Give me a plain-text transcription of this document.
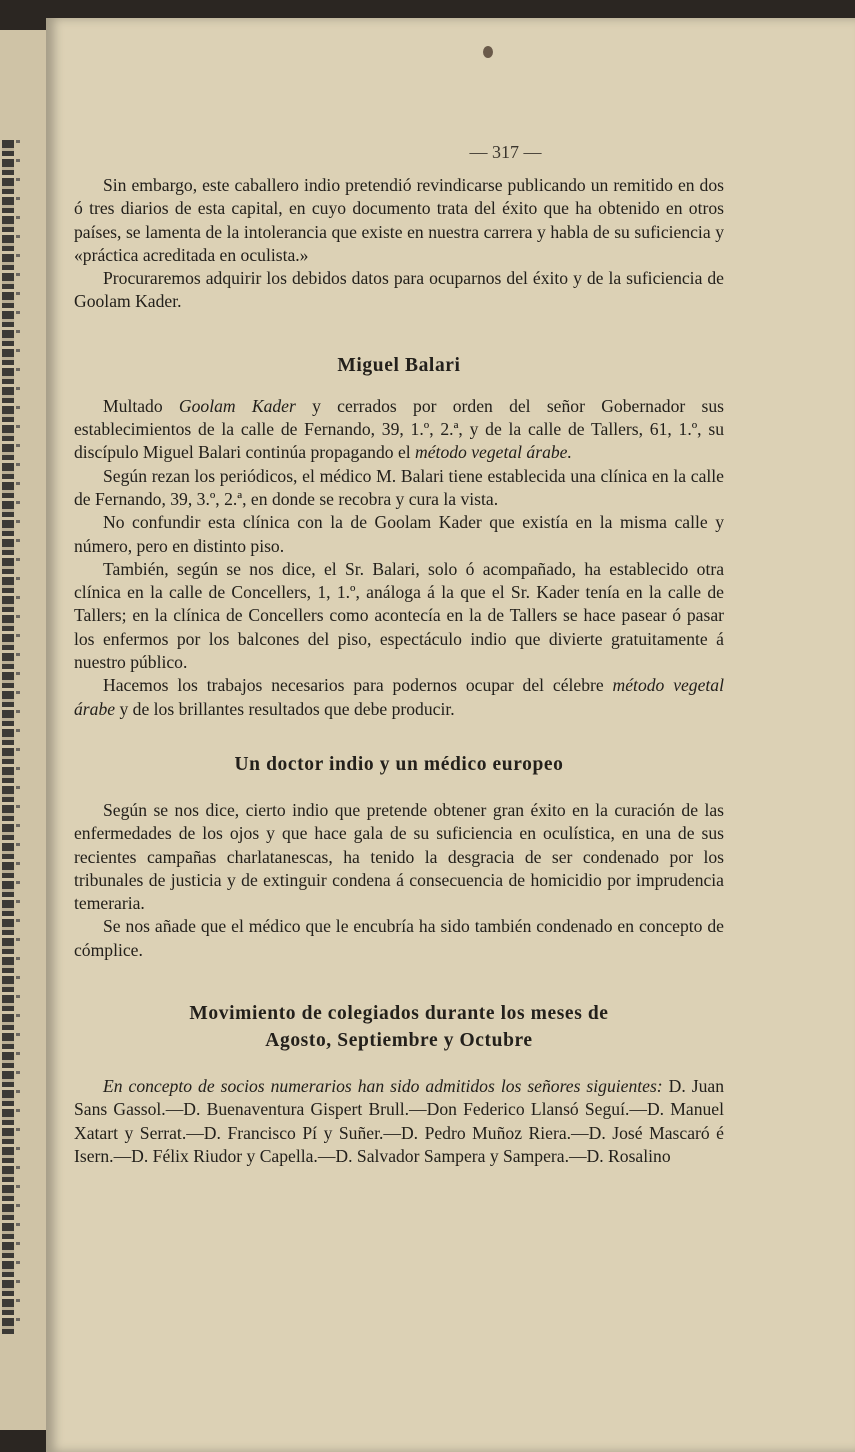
— 317 —

Sin embargo, este caballero indio pretendió revindicarse publicando un remitido en dos ó tres diarios de esta capital, en cuyo documento trata del éxito que ha obtenido en otros países, se lamenta de la intolerancia que existe en nuestra carrera y habla de su suficiencia y «práctica acreditada en oculista.»

Procuraremos adquirir los debidos datos para ocuparnos del éxito y de la suficiencia de Goolam Kader.

Miguel Balari

Multado Goolam Kader y cerrados por orden del señor Gobernador sus establecimientos de la calle de Fernando, 39, 1.º, 2.ª, y de la calle de Tallers, 61, 1.º, su discípulo Miguel Balari continúa propagando el método vegetal árabe.

Según rezan los periódicos, el médico M. Balari tiene establecida una clínica en la calle de Fernando, 39, 3.º, 2.ª, en donde se recobra y cura la vista.

No confundir esta clínica con la de Goolam Kader que existía en la misma calle y número, pero en distinto piso.

También, según se nos dice, el Sr. Balari, solo ó acompañado, ha establecido otra clínica en la calle de Concellers, 1, 1.º, análoga á la que el Sr. Kader tenía en la calle de Tallers; en la clínica de Concellers como acontecía en la de Tallers se hace pasear ó pasar los enfermos por los balcones del piso, espectáculo indio que divierte gratuitamente á nuestro público.

Hacemos los trabajos necesarios para podernos ocupar del célebre método vegetal árabe y de los brillantes resultados que debe producir.

Un doctor indio y un médico europeo

Según se nos dice, cierto indio que pretende obtener gran éxito en la curación de las enfermedades de los ojos y que hace gala de su suficiencia en oculística, en una de sus recientes campañas charlatanescas, ha tenido la desgracia de ser condenado por los tribunales de justicia y de extinguir condena á consecuencia de homicidio por imprudencia temeraria.

Se nos añade que el médico que le encubría ha sido también condenado en concepto de cómplice.

Movimiento de colegiados durante los meses de
Agosto, Septiembre y Octubre

En concepto de socios numerarios han sido admitidos los señores siguientes: D. Juan Sans Gassol.—D. Buenaventura Gispert Brull.—Don Federico Llansó Seguí.—D. Manuel Xatart y Serrat.—D. Francisco Pí y Suñer.—D. Pedro Muñoz Riera.—D. José Mascaró é Isern.—D. Félix Riudor y Capella.—D. Salvador Sampera y Sampera.—D. Rosalino
